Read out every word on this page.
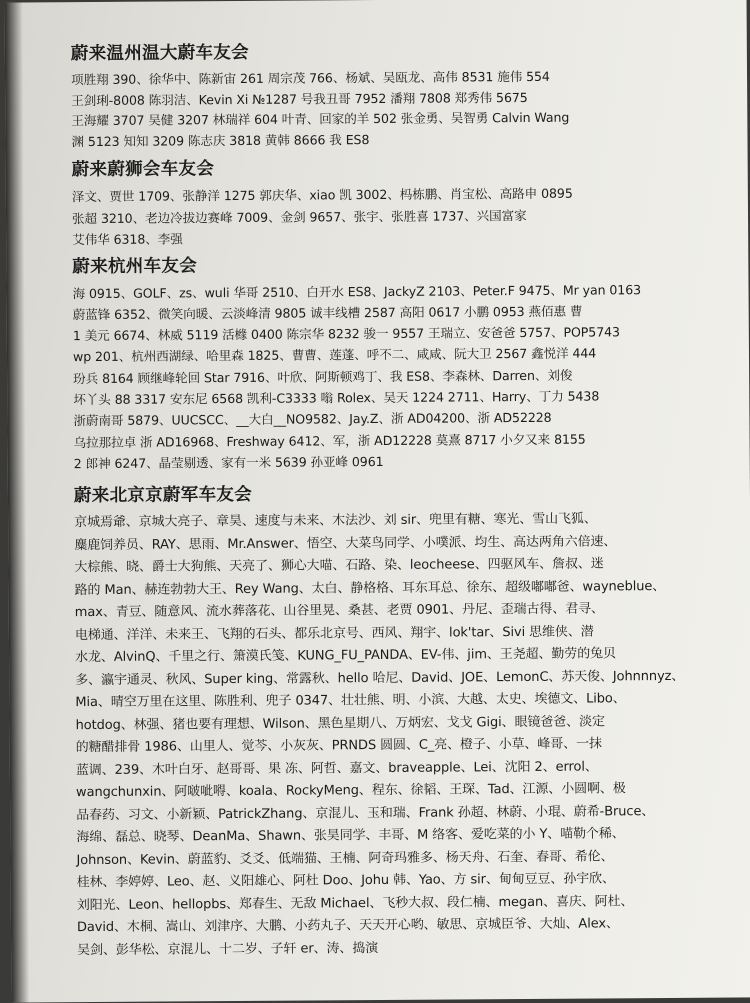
蔚来温州温大蔚车友会
项胜翔 390、徐华中、陈新宙 261 周宗茂 766、杨斌、吴瓯龙、高伟 8531 施伟 554
王剑琍-8008 陈羽洁、Kevin Xi №1287 号我丑哥 7952 潘翔 7808 郑秀伟 5675
王海耀 3707 吴健 3207 林瑞祥 604 叶青、回家的羊 502 张金勇、吴智勇 Calvin Wang
渊 5123 知知 3209 陈志庆 3818 黄韩 8666 我 ES8
蔚来蔚狮会车友会
泽文、贾世 1709、张静洋 1275 郭庆华、xiao 凯 3002、杩栋鹏、肖宝松、高路申 0895
张超 3210、老边冷拔边赛峰 7009、金剑 9657、张宇、张胜喜 1737、兴国富家
艾伟华 6318、李强
蔚来杭州车友会
海 0915、GOLF、zs、wuli 华哥 2510、白开水 ES8、JackyZ 2103、Peter.F 9475、Mr yan 0163
蔚蓝锋 6352、微笑向暖、云淡峰清 9805 诚丰线槽 2587 高阳 0617 小鹏 0953 燕佰惠 曹
1 美元 6674、林威 5119 活橼 0400 陈宗华 8232 骏一 9557 王瑞立、安爸爸 5757、POP5743
wp 201、杭州西湖绿、哈里森 1825、曹曹、莲蓬、呼不二、咸咸、阮大卫 2567 鑫悦洋 444
玢兵 8164 顾继峰轮回 Star 7916、叶欣、阿斯顿鸡丁、我 ES8、李森林、Darren、刘俊
坏丫头 88 3317 安东尼 6568 凯利-C3333 嗡 Rolex、吴天 1224 2711、Harry、丁力 5438
浙蔚南哥 5879、UUCSCC、__大白__NO9582、Jay.Z、浙 AD04200、浙 AD52228
乌拉那拉卓 浙 AD16968、Freshway 6412、军，浙 AD12228 莫熹 8717 小夕又来 8155
2 郎神 6247、晶莹剔透、家有一米 5639 孙亚峰 0961
蔚来北京京蔚军车友会
京城焉爺、京城大亮子、章昊、速度与未来、木法沙、刘 sir、兜里有糖、寒光、雪山飞狐、
麋鹿饲养员、RAY、思雨、Mr.Answer、悟空、大菜鸟同学、小噗派、均生、高达两角六倍速、
大棕熊、晓、爵士大狗熊、天亮了、狮心大喵、石路、染、leocheese、四驱风车、詹叔、迷
路的 Man、赫连勃勃大王、Rey Wang、太白、静格格、耳东耳总、徐东、超级嘟嘟爸、wayneblue、
max、青豆、随意风、流水葬落花、山谷里晃、桑甚、老贾 0901、丹尼、歪瑞古得、君寻、
电梯通、洋洋、未来王、飞翔的石头、都乐北京号、西风、翔宇、lok'tar、Sivi 思维侠、潜
水龙、AlvinQ、千里之行、箫漠氏笺、KUNG_FU_PANDA、EV-伟、jim、王尧超、勤劳的兔贝
多、瀛宇通灵、秋风、Super king、常露秋、hello 哈尼、David、JOE、LemonC、苏天俊、Johnnnyz、
Mia、晴空万里在这里、陈胜利、兜子 0347、壮壮熊、明、小滨、大越、太史、埃德文、Libo、
hotdog、林强、猪也要有理想、Wilson、黑色星期八、万炳宏、戈戈 Gigi、眼镜爸爸、淡定
的糖醋排骨 1986、山里人、觉芩、小灰灰、PRNDS 圆圆、C_亮、橙子、小草、峰哥、一抹
蓝调、239、木叶白牙、赵哥哥、果 冻、阿哲、嘉文、braveapple、Lei、沈阳 2、errol、
wangchunxin、阿啵呲嘚、koala、RockyMeng、程东、徐韬、王琛、Tad、江源、小圆啊、极
品春药、习文、小新颖、PatrickZhang、京混儿、玉和瑞、Frank 孙超、林蔚、小琨、蔚希-Bruce、
海绵、磊总、晓琴、DeanMa、Shawn、张昊同学、丰哥、M 络客、爱吃菜的小 Y、喵勒个稀、
Johnson、Kevin、蔚蓝豹、爻爻、低端猫、王楠、阿奇玛雅多、杨天舟、石奎、春哥、希伦、
桂林、李婷婷、Leo、赵、义阳雄心、阿杜 Doo、Johu 韩、Yao、方 sir、甸甸豆豆、孙宇欣、
刘阳光、Leon、hellopbs、郑春生、无敌 Michael、飞秒大叔、段仁楠、megan、喜庆、阿杜、
David、木桐、嵩山、刘津序、大鹏、小药丸子、天天开心哟、敏思、京城臣爷、大灿、Alex、
吴剑、彭华松、京混儿、十二岁、子轩 er、涛、捣演
